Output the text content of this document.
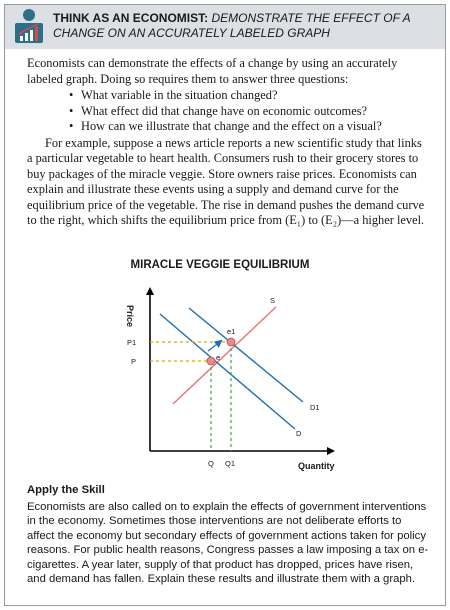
THINK AS AN ECONOMIST: DEMONSTRATE THE EFFECT OF A CHANGE ON AN ACCURATELY LABELED GRAPH

Economists can demonstrate the effects of a change by using an accurately labeled graph. Doing so requires them to answer three questions:

• What variable in the situation changed?
• What effect did that change have on economic outcomes?
• How can we illustrate that change and the effect on a visual?

For example, suppose a news article reports a new scientific study that links a particular vegetable to heart health. Consumers rush to their grocery stores to buy packages of the miracle veggie. Store owners raise prices. Economists can explain and illustrate these events using a supply and demand curve for the equilibrium price of the vegetable. The rise in demand pushes the demand curve to the right, which shifts the equilibrium price from (E₁) to (E₂)—a higher level.

MIRACLE VEGGIE EQUILIBRIUM
Price
Quantity
e
e1
S
D1
D
P1
P
Q Q1
Apply the Skill

Economists are also called on to explain the effects of government interventions in the economy. Sometimes those interventions are not deliberate efforts to affect the economy but secondary effects of government actions taken for policy reasons. For public health reasons, Congress passes a law imposing a tax on e-cigarettes. A year later, supply of that product has dropped, prices have risen, and demand has fallen. Explain these results and illustrate them with a graph.
